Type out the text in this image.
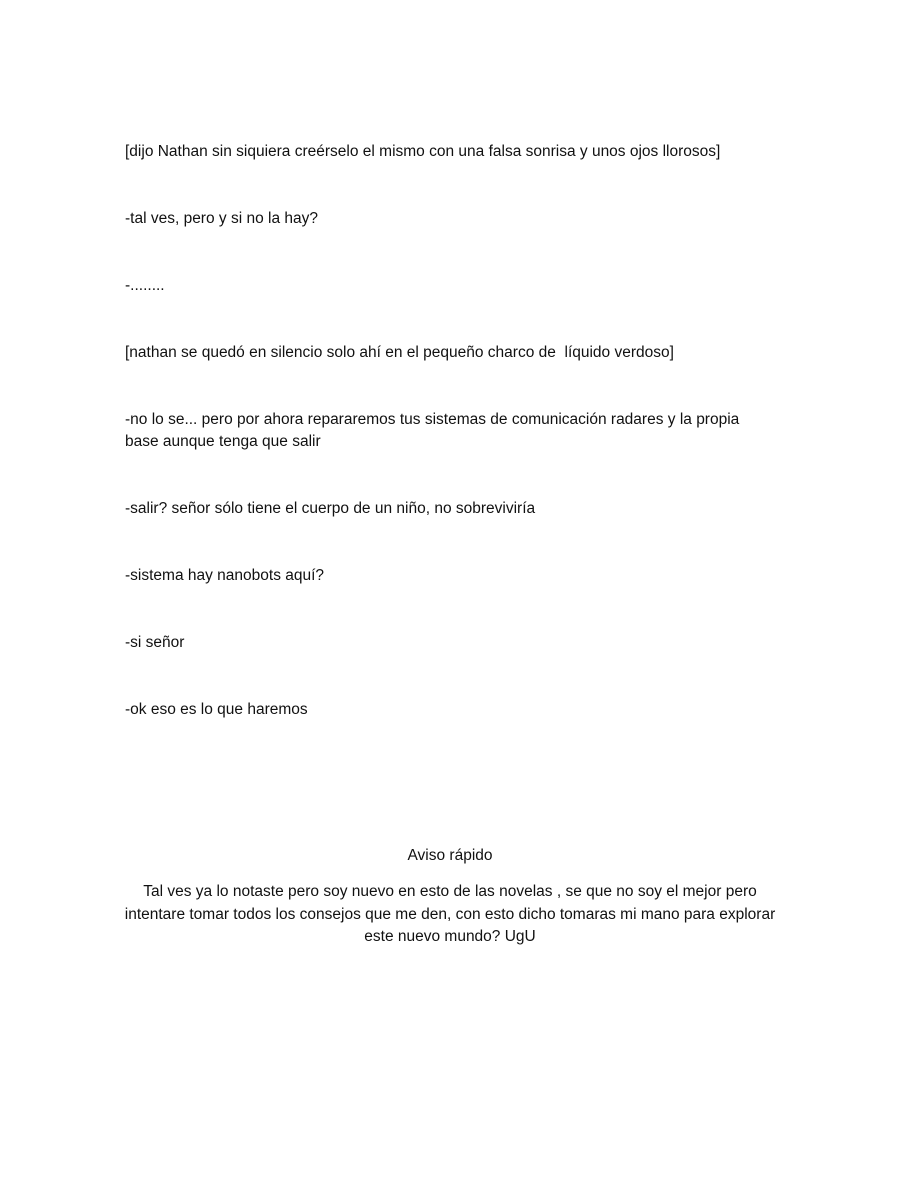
[dijo Nathan sin siquiera creérselo el mismo con una falsa sonrisa y unos ojos llorosos]

-tal ves, pero y si no la hay?

-........

[nathan se quedó en silencio solo ahí en el pequeño charco de  líquido verdoso]

-no lo se... pero por ahora repararemos tus sistemas de comunicación radares y la propia base aunque tenga que salir

-salir? señor sólo tiene el cuerpo de un niño, no sobreviviría

-sistema hay nanobots aquí?

-si señor

-ok eso es lo que haremos

Aviso rápido

Tal ves ya lo notaste pero soy nuevo en esto de las novelas , se que no soy el mejor pero intentare tomar todos los consejos que me den, con esto dicho tomaras mi mano para explorar este nuevo mundo? UgU
